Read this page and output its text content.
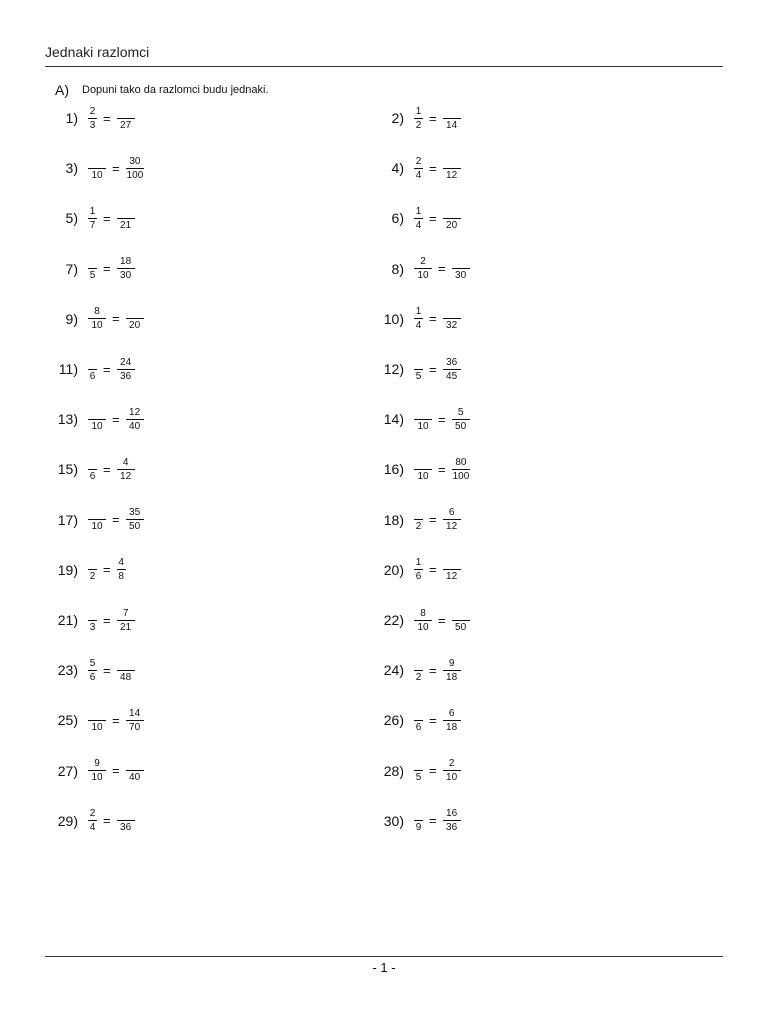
Jednaki razlomci
A) Dopuni tako da razlomci budu jednaki.
$1) \frac{2}{3} = 27$	$2) \frac{1}{2} = 14$
3) $10 = \frac{30}{100}$	$4) \frac{2}{4} = 12$
$5) \frac{1}{7} = 21$	$6) \frac{1}{4} = 20$
7) $5 = \frac{18}{30}$	$8) \frac{2}{10} = 30$
$9) \frac{8}{10} = 20$	$10) \frac{1}{4} = 32$
11) $6 = \frac{24}{36}$	12) $5 = \frac{36}{45}$
13) $10 = \frac{12}{40}$	14) $10 = \frac{5}{50}$
15) $6 = \frac{4}{12}$	16) $10 = \frac{80}{100}$
17) $10 = \frac{35}{50}$	18) $2 = \frac{6}{12}$
19) $2 = \frac{4}{8}$	$20) \frac{1}{6} = 12$
21) $3 = \frac{7}{21}$	$22) \frac{8}{10} = 50$
$23) \frac{5}{6} = 48$	24) $2 = \frac{9}{18}$
25) $10 = \frac{14}{70}$	26) $6 = \frac{6}{18}$
$27) \frac{9}{10} = 40$	28) $5 = \frac{2}{10}$
$29) \frac{2}{4} = 36$	30) $9 = \frac{16}{36}$
- 1 -
